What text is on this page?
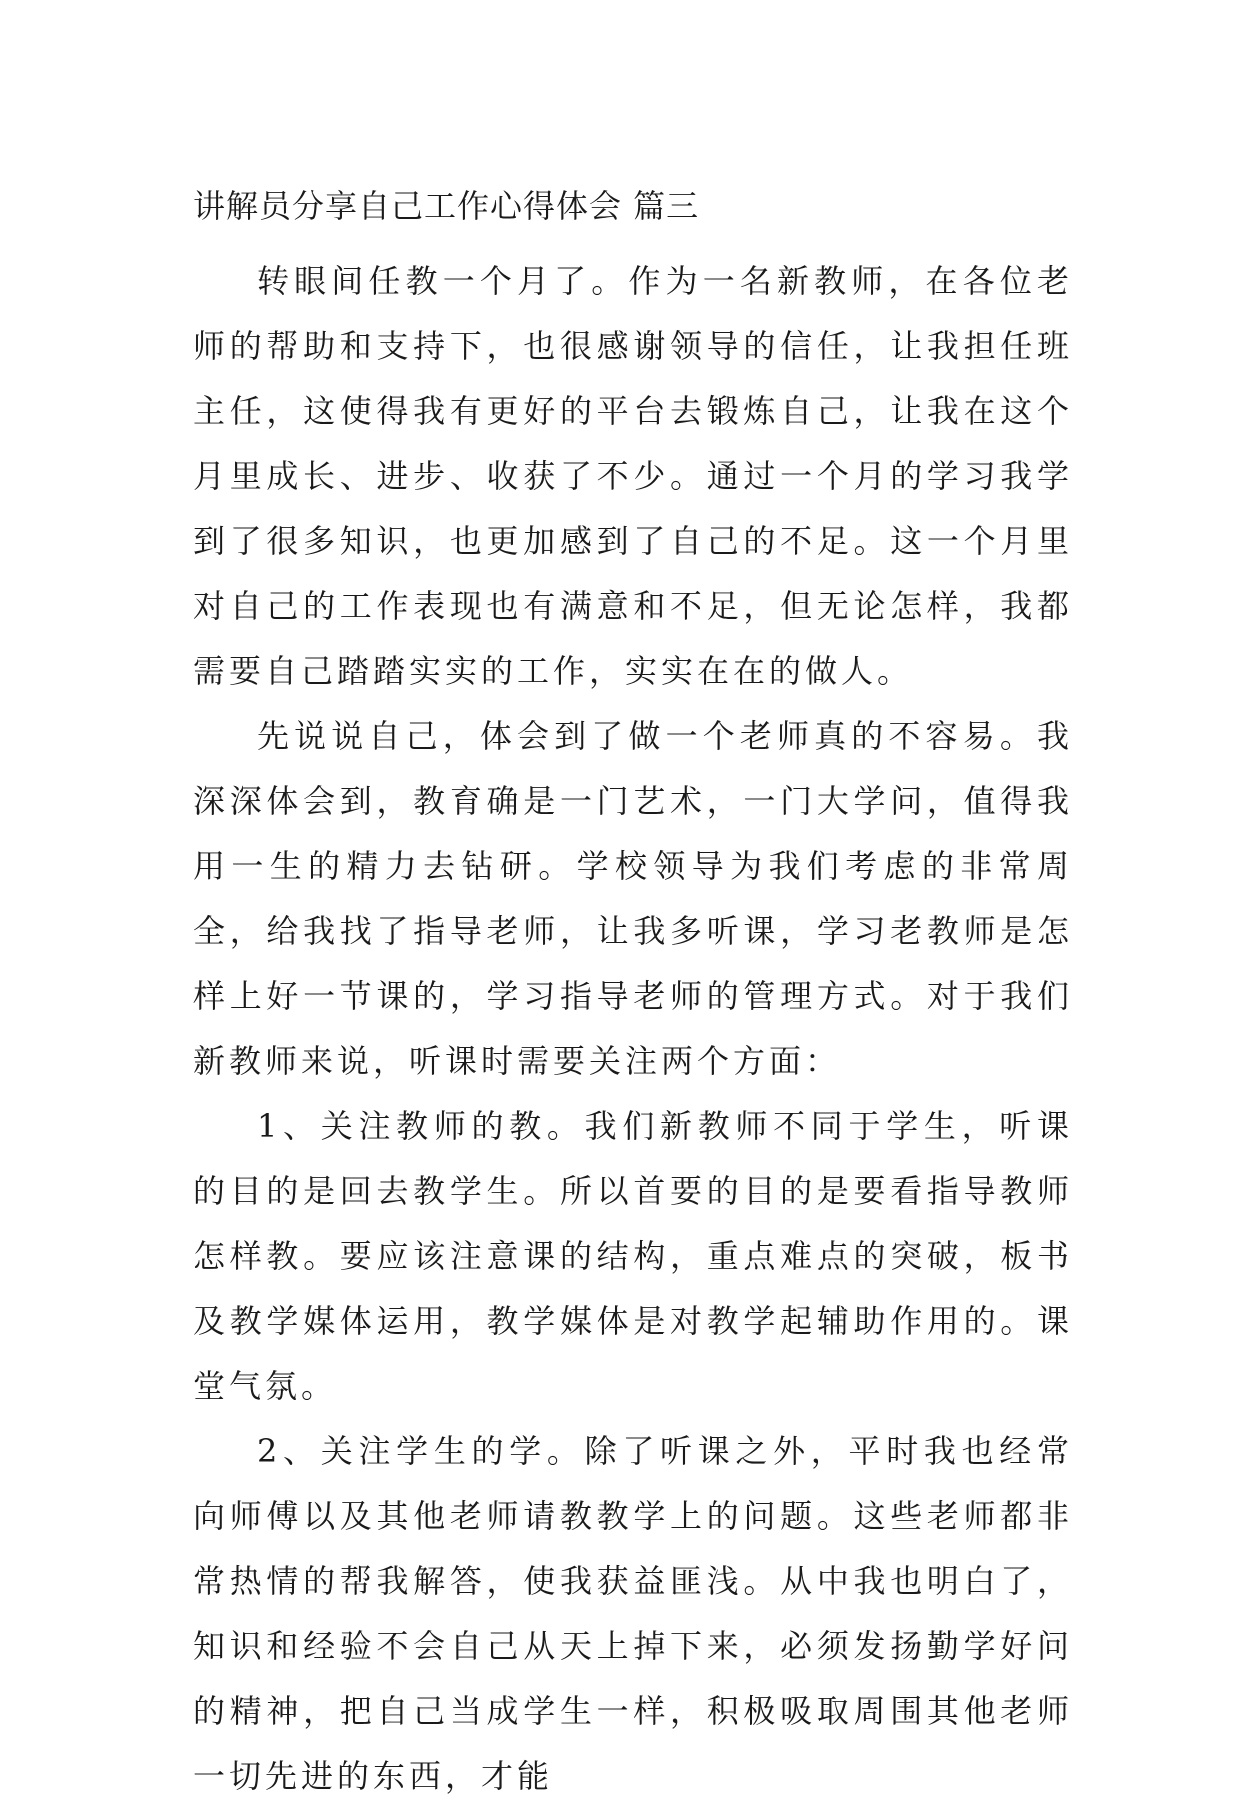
讲解员分享自己工作心得体会 篇三

转眼间任教一个月了。作为一名新教师，在各位老师的帮助和支持下，也很感谢领导的信任，让我担任班主任，这使得我有更好的平台去锻炼自己，让我在这个月里成长、进步、收获了不少。通过一个月的学习我学到了很多知识，也更加感到了自己的不足。这一个月里对自己的工作表现也有满意和不足，但无论怎样，我都需要自己踏踏实实的工作，实实在在的做人。

先说说自己，体会到了做一个老师真的不容易。我深深体会到，教育确是一门艺术，一门大学问，值得我用一生的精力去钻研。学校领导为我们考虑的非常周全，给我找了指导老师，让我多听课，学习老教师是怎样上好一节课的，学习指导老师的管理方式。对于我们新教师来说，听课时需要关注两个方面：

1、关注教师的教。我们新教师不同于学生，听课的目的是回去教学生。所以首要的目的是要看指导教师怎样教。要应该注意课的结构，重点难点的突破，板书及教学媒体运用，教学媒体是对教学起辅助作用的。课堂气氛。

2、关注学生的学。除了听课之外，平时我也经常向师傅以及其他老师请教教学上的问题。这些老师都非常热情的帮我解答，使我获益匪浅。从中我也明白了，知识和经验不会自己从天上掉下来，必须发扬勤学好问的精神，把自己当成学生一样，积极吸取周围其他老师一切先进的东西，才能
